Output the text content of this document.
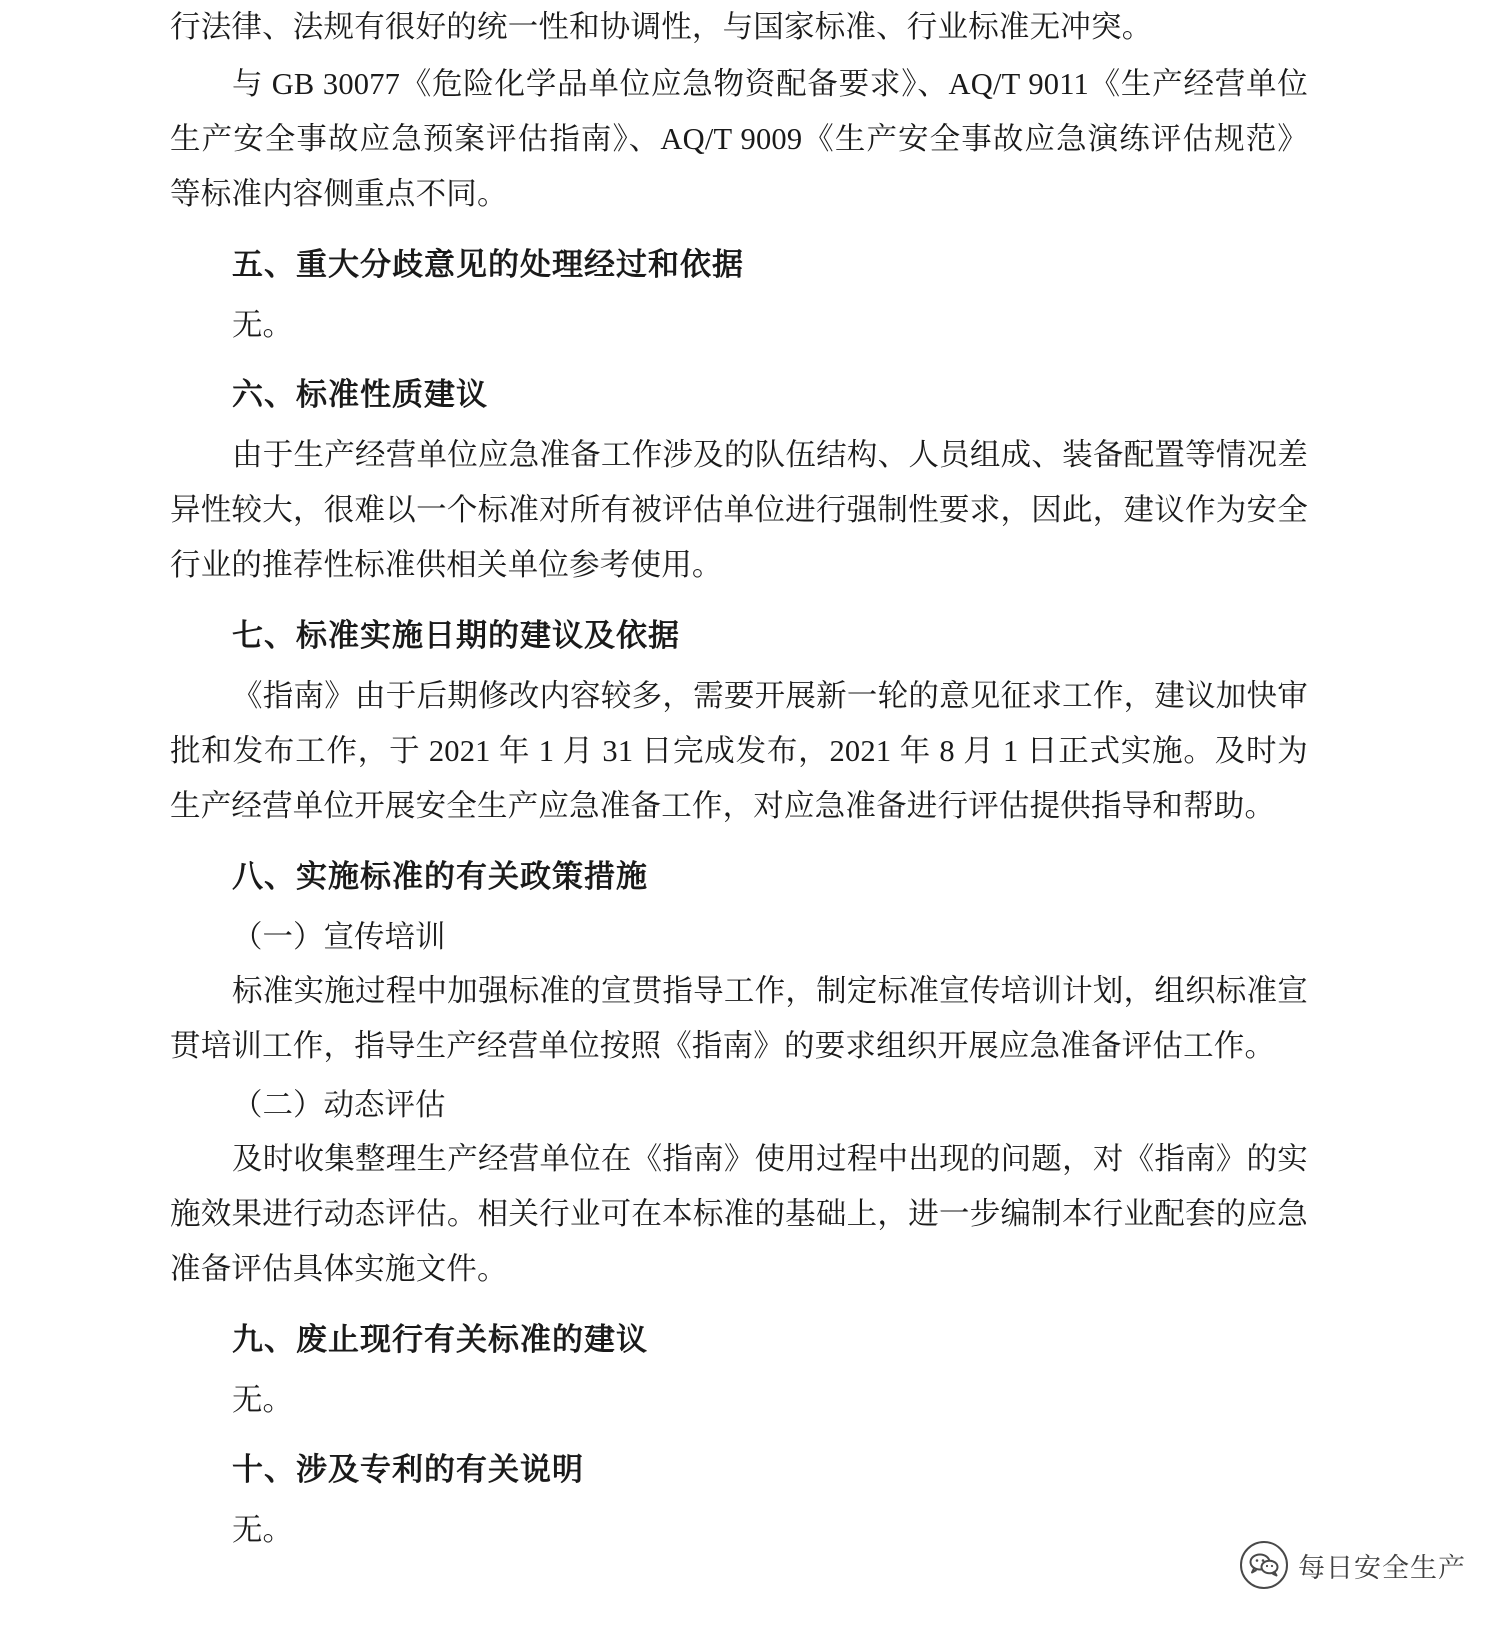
行法律、法规有很好的统一性和协调性，与国家标准、行业标准无冲突。

与 GB 30077《危险化学品单位应急物资配备要求》、AQ/T 9011《生产经营单位生产安全事故应急预案评估指南》、AQ/T 9009《生产安全事故应急演练评估规范》等标准内容侧重点不同。

五、重大分歧意见的处理经过和依据

无。

六、标准性质建议

由于生产经营单位应急准备工作涉及的队伍结构、人员组成、装备配置等情况差异性较大，很难以一个标准对所有被评估单位进行强制性要求，因此，建议作为安全行业的推荐性标准供相关单位参考使用。

七、标准实施日期的建议及依据

《指南》由于后期修改内容较多，需要开展新一轮的意见征求工作，建议加快审批和发布工作，于 2021 年 1 月 31 日完成发布，2021 年 8 月 1 日正式实施。及时为生产经营单位开展安全生产应急准备工作，对应急准备进行评估提供指导和帮助。

八、实施标准的有关政策措施

（一）宣传培训

标准实施过程中加强标准的宣贯指导工作，制定标准宣传培训计划，组织标准宣贯培训工作，指导生产经营单位按照《指南》的要求组织开展应急准备评估工作。

（二）动态评估

及时收集整理生产经营单位在《指南》使用过程中出现的问题，对《指南》的实施效果进行动态评估。相关行业可在本标准的基础上，进一步编制本行业配套的应急准备评估具体实施文件。

九、废止现行有关标准的建议

无。

十、涉及专利的有关说明

无。

每日安全生产
